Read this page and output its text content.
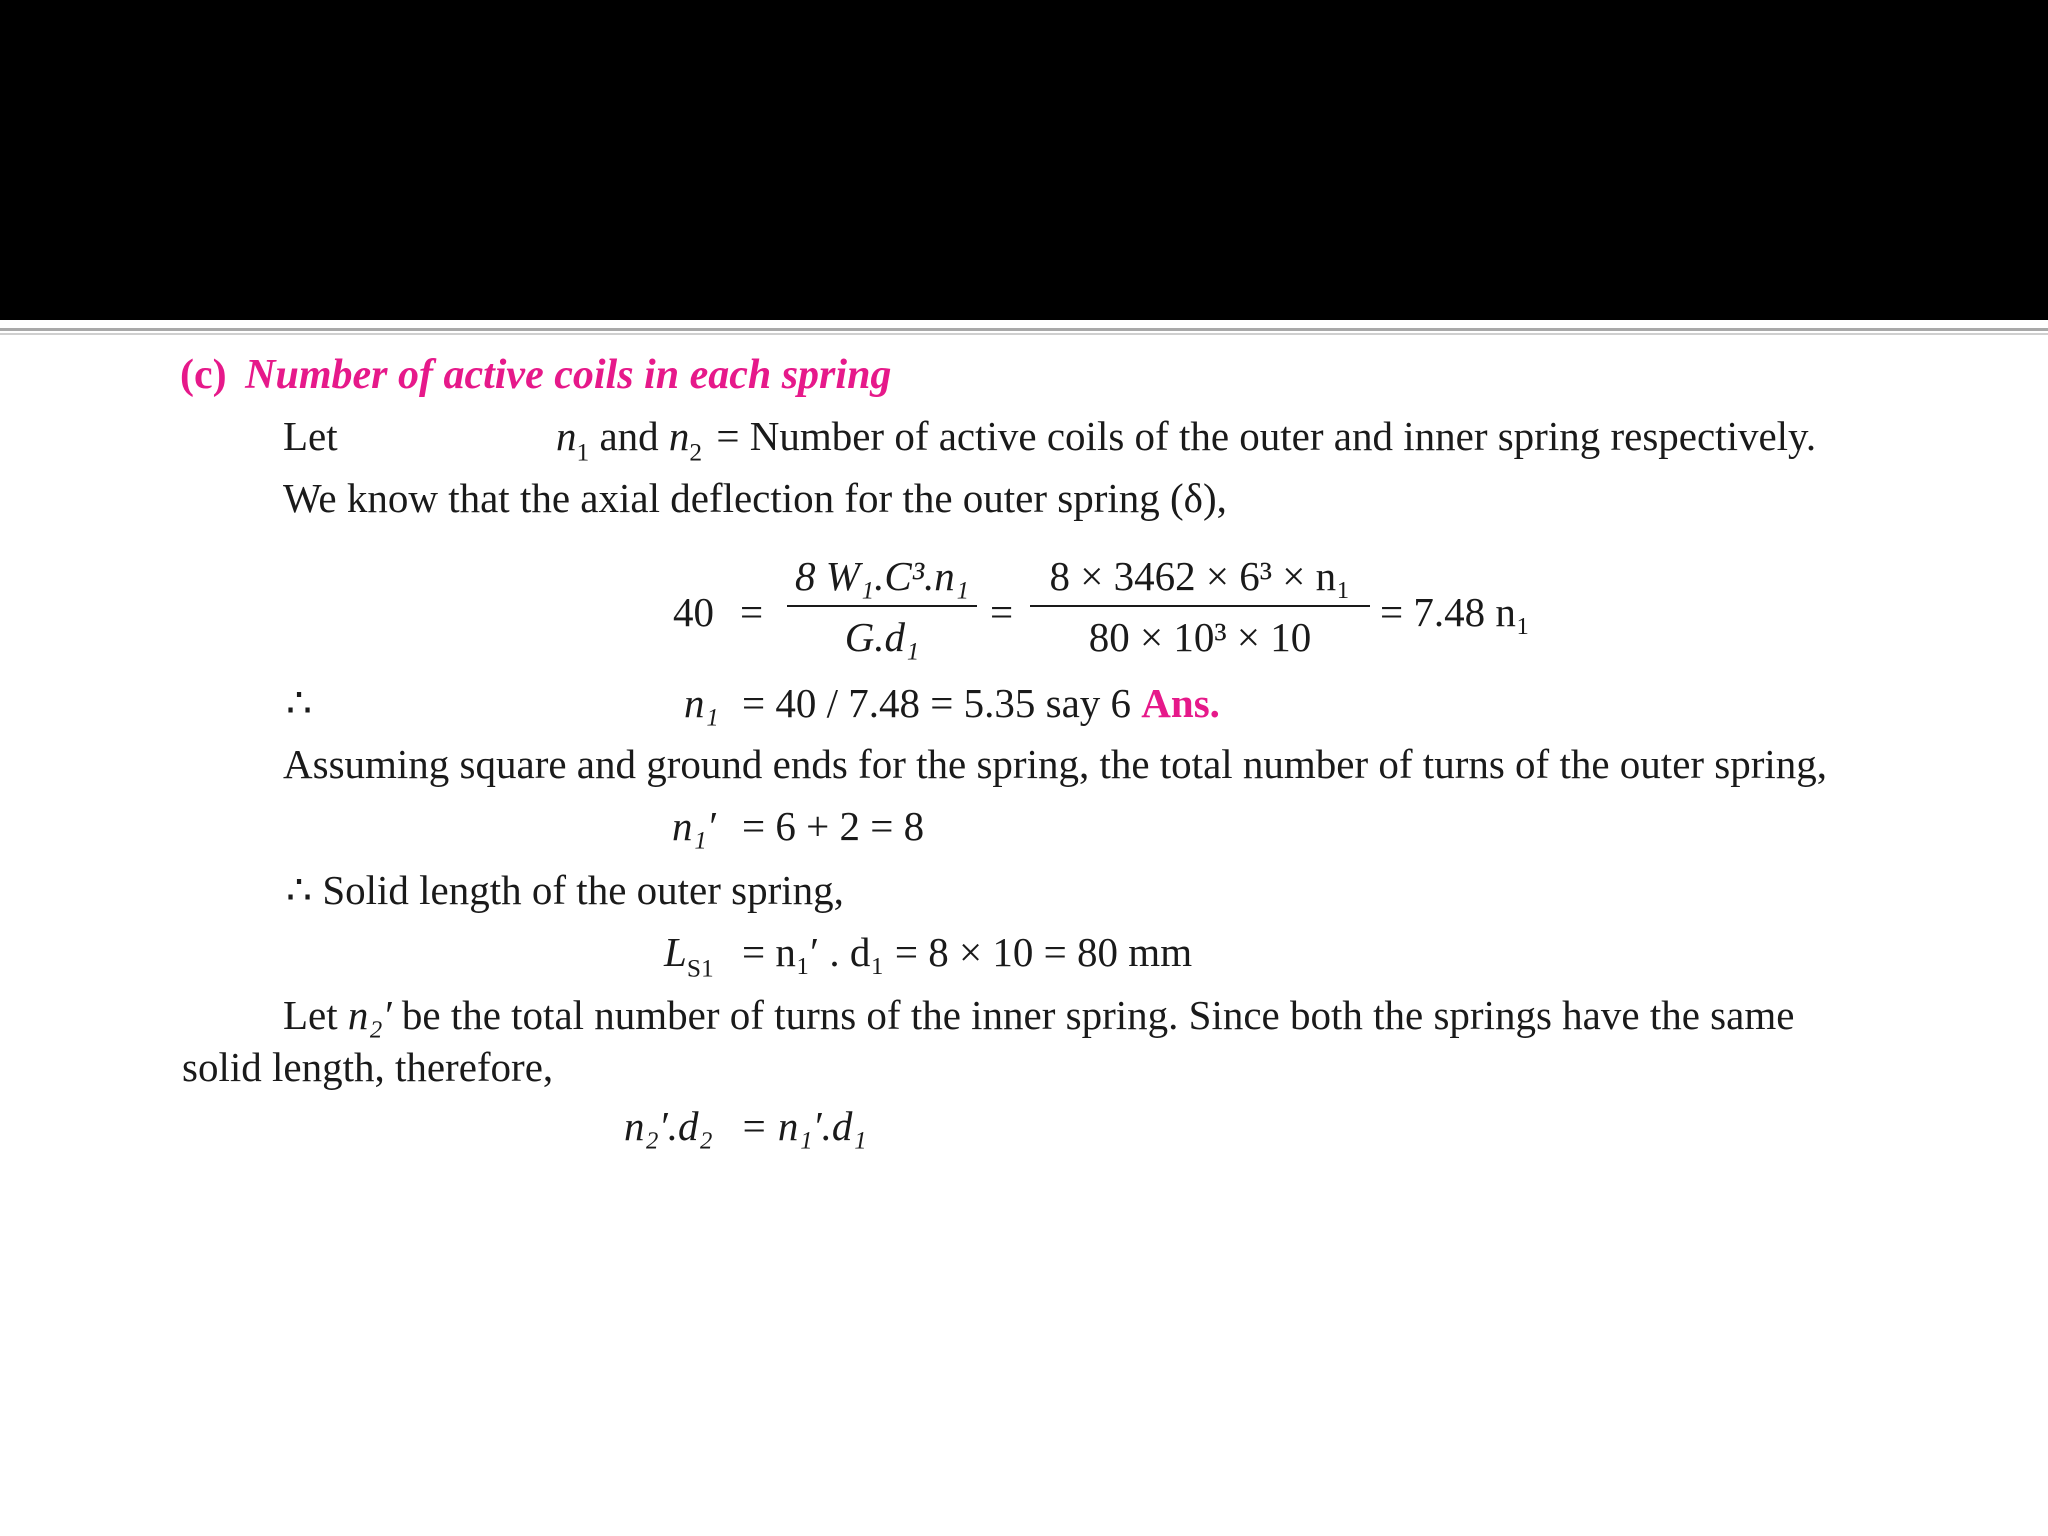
(c) Number of active coils in each spring
Let	$n_1$ and $n_2$ = Number of active coils of the outer and inner spring respectively.
We know that the axial deflection for the outer spring (δ),
40 =
8 W₁.C³.n₁
G.d₁
=
8 × 3462 × 6³ × n₁
80 × 10³ × 10
= 7.48 n₁
∴	n₁ = 40 / 7.48 = 5.35 say 6 Ans.
Assuming square and ground ends for the spring, the total number of turns of the outer spring,
n₁′ = 6 + 2 = 8
∴ Solid length of the outer spring,
$L_{S1} = n_1'$ . d₁ = 8 × 10 = 80 mm
Let n₂′ be the total number of turns of the inner spring. Since both the springs have the same
solid length, therefore,
n₂′.d₂ = n₁′.d₁
